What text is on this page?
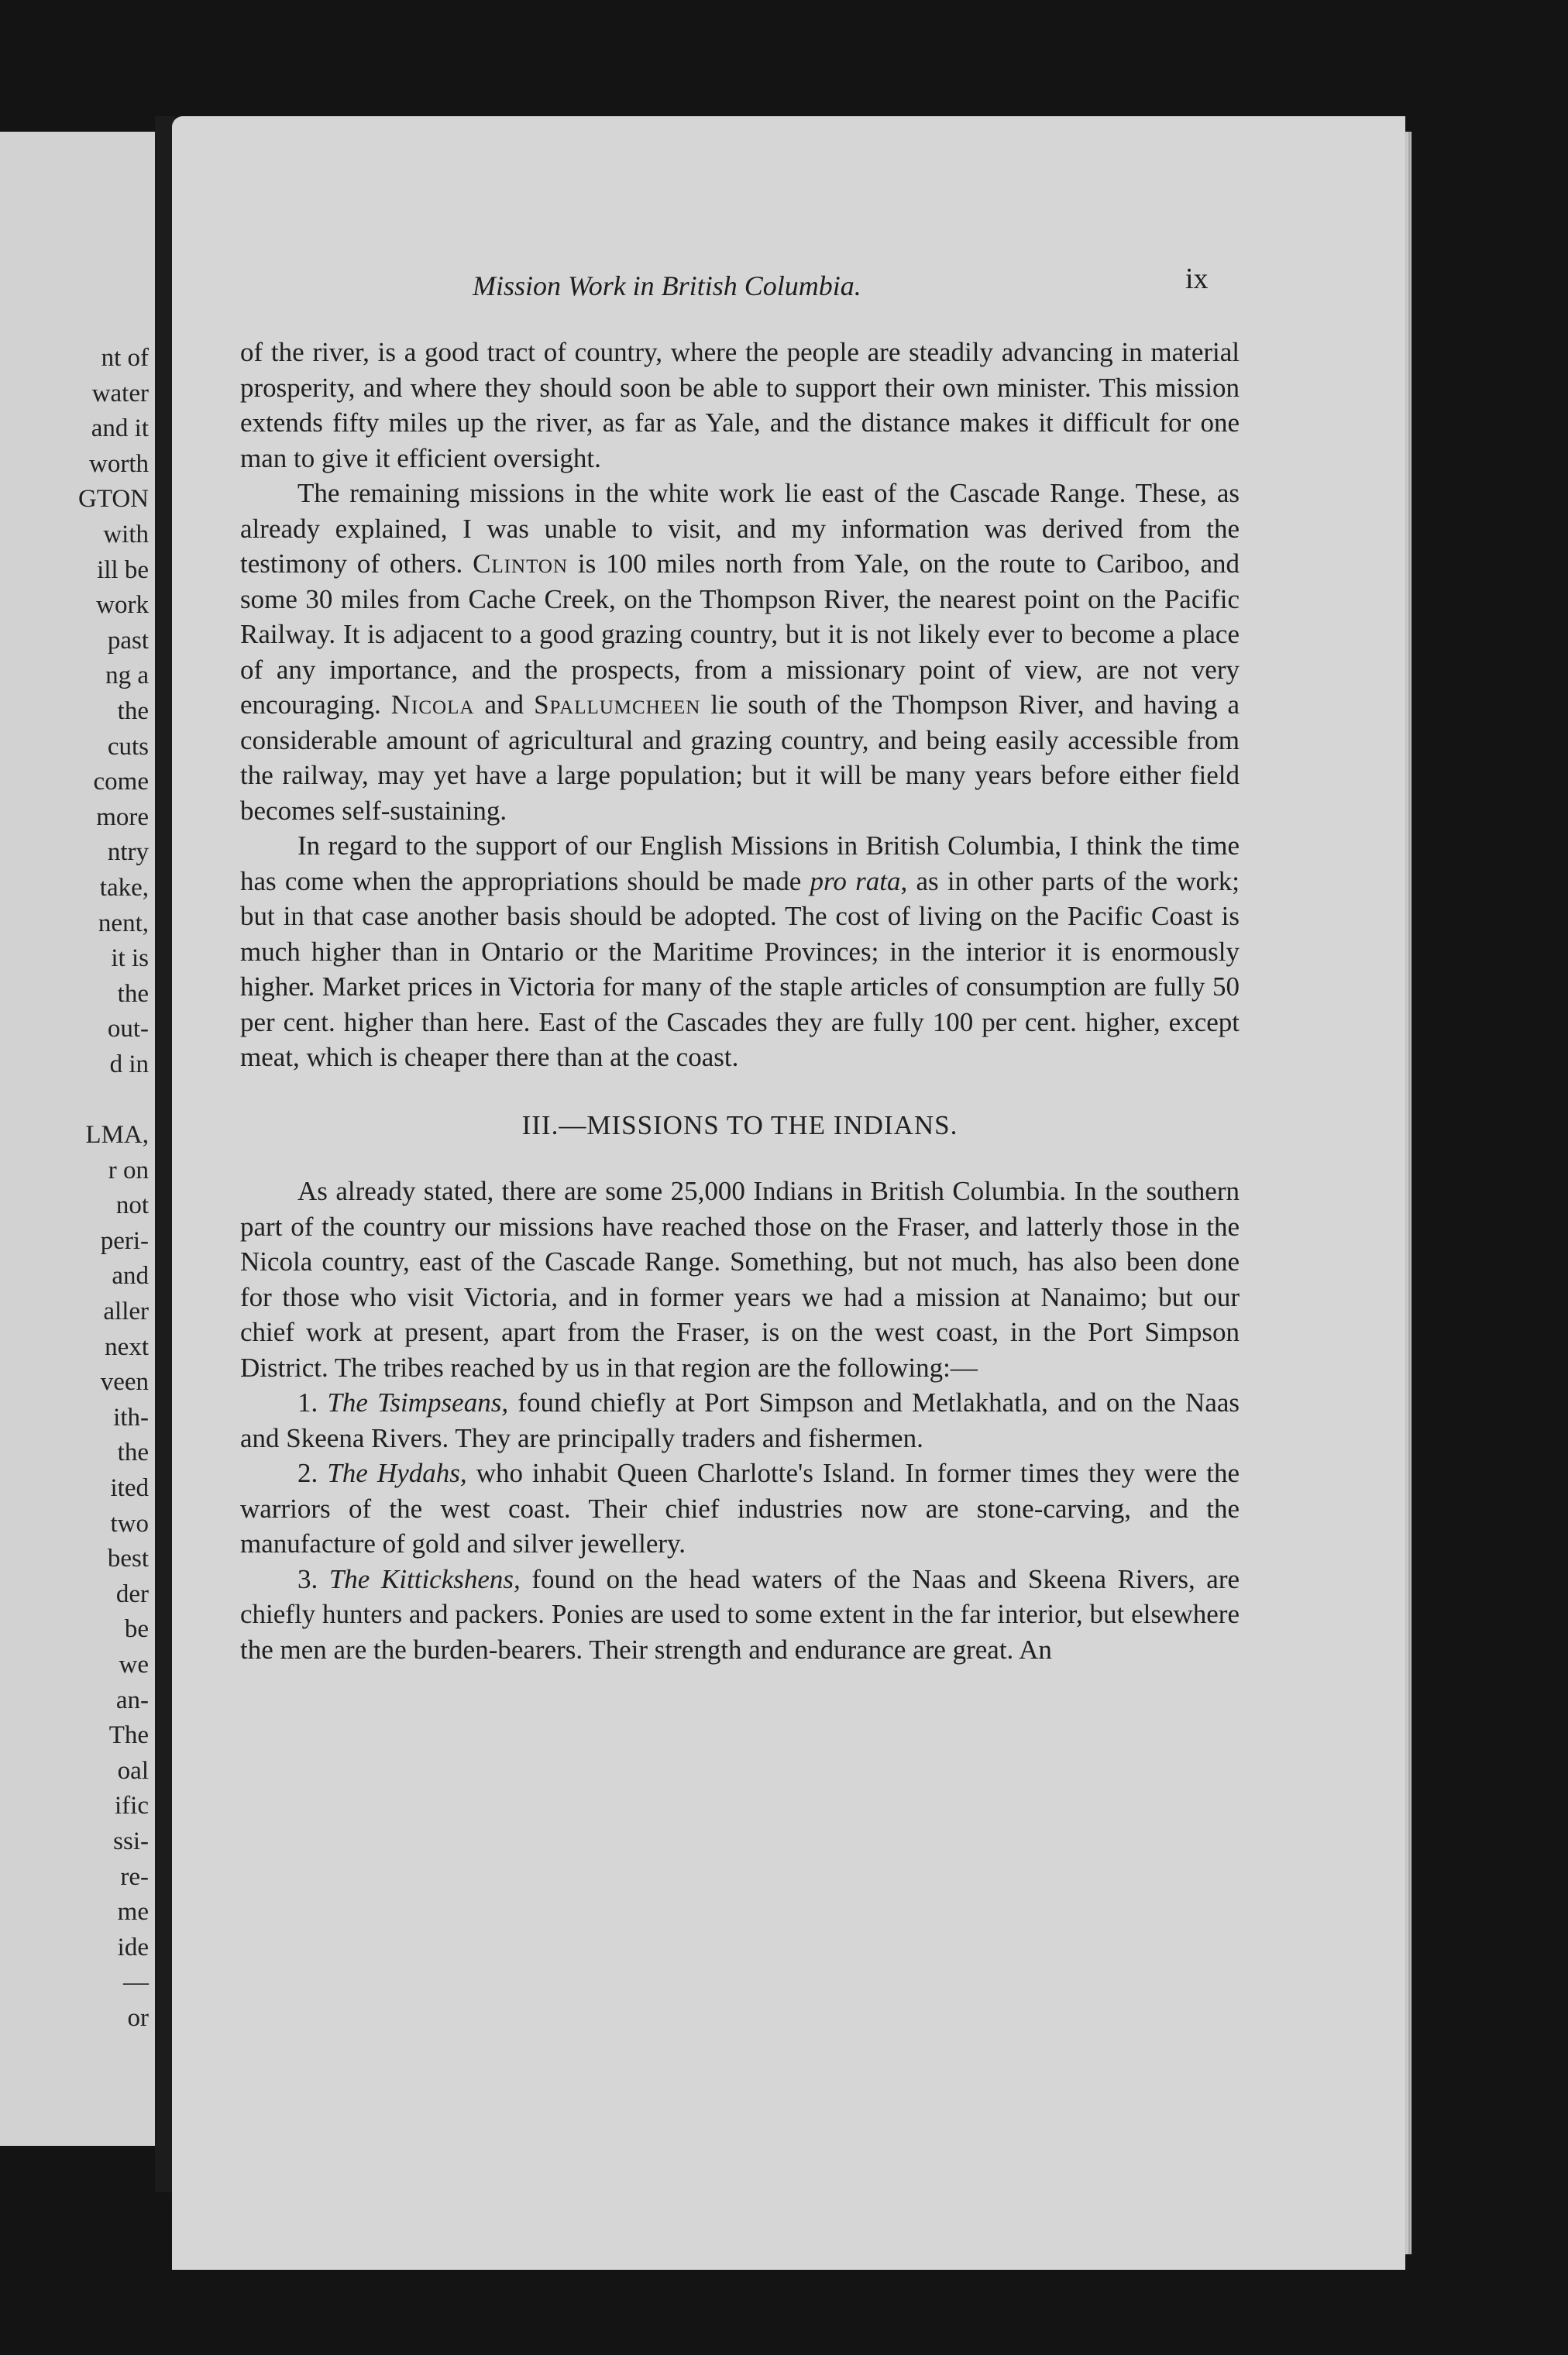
nt of
water
and it
worth
GTON
with
ill be
work
past
ng a
the
cuts
come
more
ntry
take,
nent,
it is
the
out-
d in
LMA,
r on
not
peri-
and
aller
next
veen
ith-
the
ited
two
best
der
be
we
an-
The
oal
ific
ssi-
re-
me
ide
—
or
Mission Work in British Columbia.	ix

of the river, is a good tract of country, where the people are steadily advancing in material prosperity, and where they should soon be able to support their own minister. This mission extends fifty miles up the river, as far as Yale, and the distance makes it difficult for one man to give it efficient oversight.

The remaining missions in the white work lie east of the Cascade Range. These, as already explained, I was unable to visit, and my information was derived from the testimony of others. Clinton is 100 miles north from Yale, on the route to Cariboo, and some 30 miles from Cache Creek, on the Thompson River, the nearest point on the Pacific Railway. It is adjacent to a good grazing country, but it is not likely ever to become a place of any importance, and the prospects, from a missionary point of view, are not very encouraging. Nicola and Spallumcheen lie south of the Thompson River, and having a considerable amount of agricultural and grazing country, and being easily accessible from the railway, may yet have a large population; but it will be many years before either field becomes self-sustaining.

In regard to the support of our English Missions in British Columbia, I think the time has come when the appropriations should be made pro rata, as in other parts of the work; but in that case another basis should be adopted. The cost of living on the Pacific Coast is much higher than in Ontario or the Maritime Provinces; in the interior it is enormously higher. Market prices in Victoria for many of the staple articles of consumption are fully 50 per cent. higher than here. East of the Cascades they are fully 100 per cent. higher, except meat, which is cheaper there than at the coast.

III.—MISSIONS TO THE INDIANS.

As already stated, there are some 25,000 Indians in British Columbia. In the southern part of the country our missions have reached those on the Fraser, and latterly those in the Nicola country, east of the Cascade Range. Something, but not much, has also been done for those who visit Victoria, and in former years we had a mission at Nanaimo; but our chief work at present, apart from the Fraser, is on the west coast, in the Port Simpson District. The tribes reached by us in that region are the following:—

1. The Tsimpseans, found chiefly at Port Simpson and Metlakhatla, and on the Naas and Skeena Rivers. They are principally traders and fishermen.

2. The Hydahs, who inhabit Queen Charlotte's Island. In former times they were the warriors of the west coast. Their chief industries now are stone-carving, and the manufacture of gold and silver jewellery.

3. The Kittickshens, found on the head waters of the Naas and Skeena Rivers, are chiefly hunters and packers. Ponies are used to some extent in the far interior, but elsewhere the men are the burden-bearers. Their strength and endurance are great. An
